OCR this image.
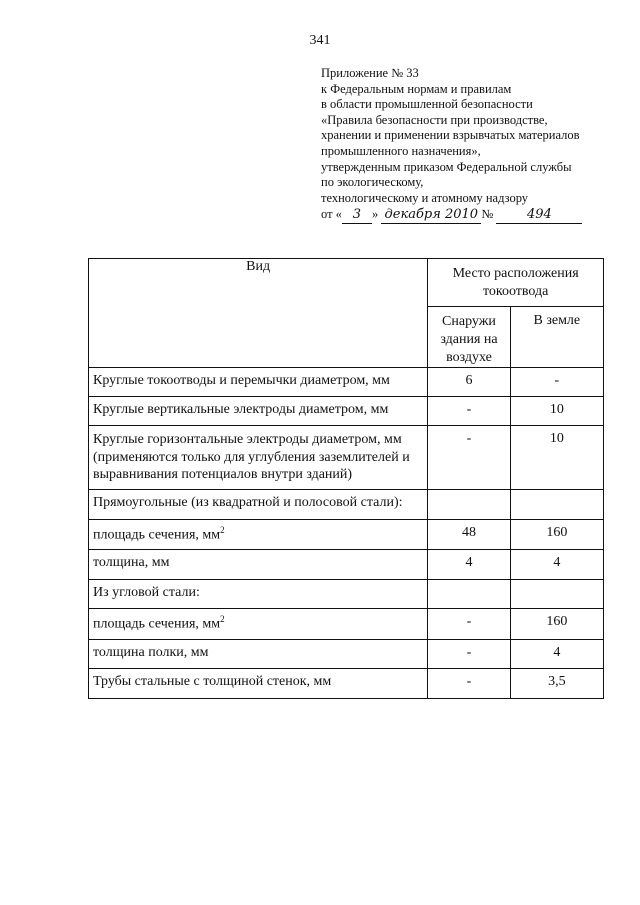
341
Приложение № 33
к Федеральным нормам и правилам
в области промышленной безопасности
«Правила безопасности при производстве,
хранении и применении взрывчатых материалов
промышленного назначения»,
утвержденным приказом Федеральной службы
по экологическому,
технологическому и атомному надзору
от « 3 » декабря 2010 №	494
Вид	Место расположения токоотвода	
	Снаружи здания на воздухе	В земле
Круглые токоотводы и перемычки диаметром, мм	6	-
Круглые вертикальные электроды диаметром, мм	-	10
Круглые горизонтальные электроды диаметром, мм (применяются только для углубления заземлителей и выравнивания потенциалов внутри зданий)	-	10
Прямоугольные (из квадратной и полосовой стали):		
площадь сечения, $мм^2$	48	160
толщина, мм	4	4
Из угловой стали:		
площадь сечения, $мм^2$	-	160
толщина полки, мм	-	4
Трубы стальные с толщиной стенок, мм	-	3,5
